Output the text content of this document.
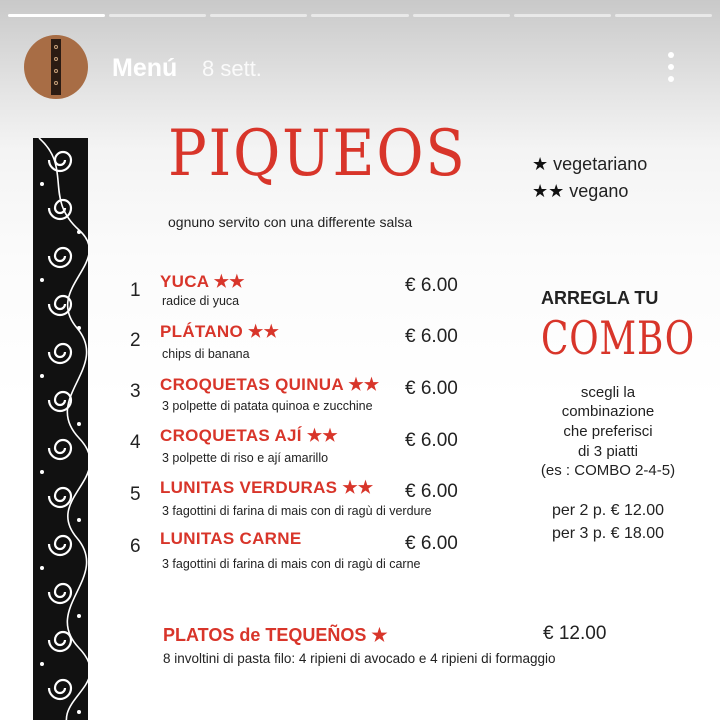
Menú 8 sett.
PIQUEOS
ognuno servito con una differente salsa
★ vegetariano
★★ vegano
1 YUCA ★★
radice di yuca
€ 6.00
2 PLÁTANO ★★
chips di banana
€ 6.00
3 CROQUETAS QUINUA ★★
3 polpette di patata quinoa e zucchine
€ 6.00
4 CROQUETAS AJÍ ★★
3 polpette di riso e ají amarillo
€ 6.00
5 LUNITAS VERDURAS ★★
3 fagottini di farina di mais con di ragù di verdure
€ 6.00
6 LUNITAS CARNE
3 fagottini di farina di mais con di ragù di carne
€ 6.00
ARREGLA TU
COMBO
scegli la
combinazione
che preferisci
di 3 piatti
(es : COMBO 2-4-5)
per 2 p. € 12.00
per 3 p. € 18.00
PLATOS de TEQUEÑOS ★	€ 12.00
8 involtini di pasta filo: 4 ripieni di avocado e 4 ripieni di formaggio
